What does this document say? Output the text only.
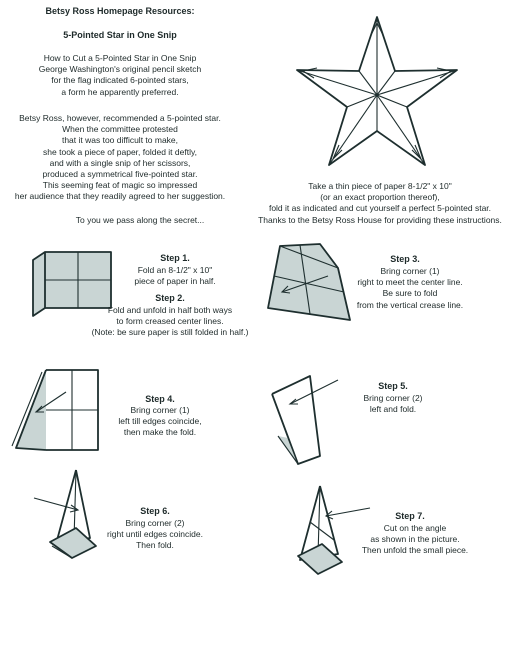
Betsy Ross Homepage Resources:
5-Pointed Star in One Snip
How to Cut a 5-Pointed Star in One Snip
George Washington's original pencil sketch
for the flag indicated 6-pointed stars,
a form he apparently preferred.
Betsy Ross, however, recommended a 5-pointed star.
When the committee protested
that it was too difficult to make,
she took a piece of paper, folded it deftly,
and with a single snip of her scissors,
produced a symmetrical five-pointed star.
This seeming feat of magic so impressed
her audience that they readily agreed to her suggestion.
To you we pass along the secret...
Take a thin piece of paper 8-1/2" x 10"
(or an exact proportion thereof),
fold it as indicated and cut yourself a perfect 5-pointed star.
Thanks to the Betsy Ross House for providing these instructions.
Step 1.
Fold an 8-1/2" x 10"
piece of paper in half.
Step 2.
Fold and unfold in half both ways
to form creased center lines.
(Note: be sure paper is still folded in half.)
Step 3.
Bring corner (1)
right to meet the center line.
Be sure to fold
from the vertical crease line.
Step 4.
Bring corner (1)
left till edges coincide,
then make the fold.
Step 5.
Bring corner (2)
left and fold.
Step 6.
Bring corner (2)
right until edges coincide.
Then fold.
Step 7.
Cut on the angle
as shown in the picture.
Then unfold the small piece.
